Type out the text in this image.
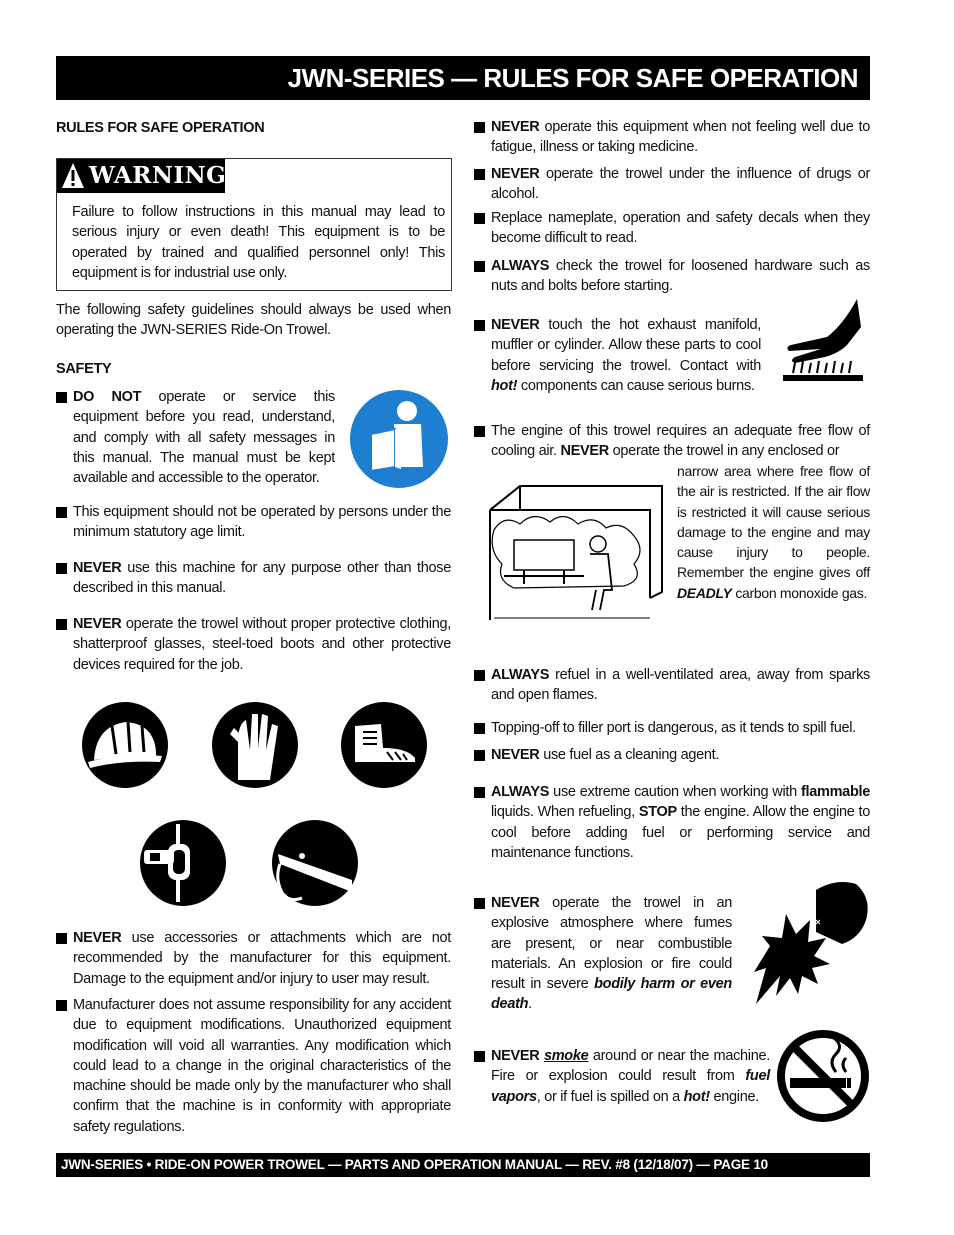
JWN-SERIES — RULES FOR SAFE OPERATION
RULES FOR SAFE OPERATION
WARNING
Failure to follow instructions in this manual may lead to serious injury or even death! This equipment is to be operated by trained and qualified personnel only! This equipment is for industrial use only.
The following safety guidelines should always be used when operating the JWN-SERIES Ride-On Trowel.
SAFETY
DO NOT operate or service this equipment before you read, understand, and comply with all safety messages in this manual. The manual must be kept available and accessible to the operator.
This equipment should not be operated by persons under the minimum statutory age limit.
NEVER use this machine for any purpose other than those described in this manual.
NEVER operate the trowel without proper protective clothing, shatterproof glasses, steel-toed boots and other protective devices required for the job.
NEVER use accessories or attachments which are not recommended by the manufacturer for this equipment. Damage to the equipment and/or injury to user may result.
Manufacturer does not assume responsibility for any accident due to equipment modifications. Unauthorized equipment modification will void all warranties. Any modification which could lead to a change in the original characteristics of the machine should be made only by the manufacturer who shall confirm that the machine is in conformity with appropriate safety regulations.
NEVER operate this equipment when not feeling well due to fatigue, illness or taking medicine.
NEVER operate the trowel under the influence of drugs or alcohol.
Replace nameplate, operation and safety decals when they become difficult to read.
ALWAYS check the trowel for loosened hardware such as nuts and bolts before starting.
NEVER touch the hot exhaust manifold, muffler or cylinder. Allow these parts to cool before servicing the trowel. Contact with hot! components can cause serious burns.
The engine of this trowel requires an adequate free flow of cooling air. NEVER operate the trowel in any enclosed or
narrow area where free flow of the air is restricted. If the air flow is restricted it will cause serious damage to the engine and may cause injury to people. Remember the engine gives off DEADLY carbon monoxide gas.
ALWAYS refuel in a well-ventilated area, away from sparks and open flames.
Topping-off to filler port is dangerous, as it tends to spill fuel.
NEVER use fuel as a cleaning agent.
ALWAYS use extreme caution when working with flammable liquids. When refueling, STOP the engine. Allow the engine to cool before adding fuel or performing service and maintenance functions.
NEVER operate the trowel in an explosive atmosphere where fumes are present, or near combustible materials. An explosion or fire could result in severe bodily harm or even death.
NEVER smoke around or near the machine. Fire or explosion could result from fuel vapors, or if fuel is spilled on a hot! engine.
JWN-SERIES • RIDE-ON POWER TROWEL — PARTS AND OPERATION MANUAL — REV. #8 (12/18/07) — PAGE 10
